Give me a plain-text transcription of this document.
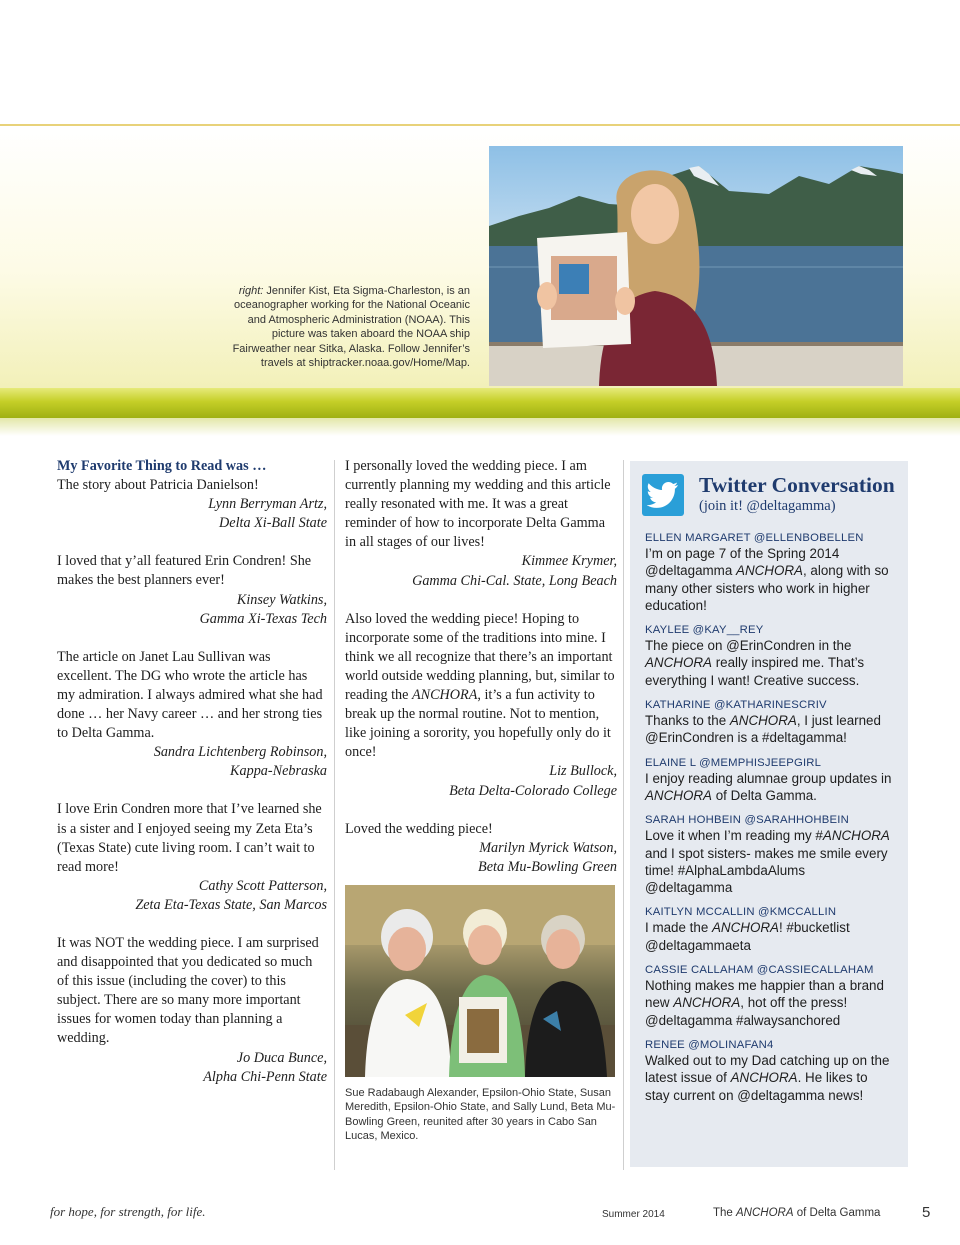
right: Jennifer Kist, Eta Sigma-Charleston, is an oceanographer working for the National Oceanic and Atmospheric Administration (NOAA). This picture was taken aboard the NOAA ship Fairweather near Sitka, Alaska. Follow Jennifer’s travels at shiptracker.noaa.gov/Home/Map.
My Favorite Thing to Read was …
The story about Patricia Danielson!
Lynn Berryman Artz,
Delta Xi-Ball State
I loved that y’all featured Erin Condren! She makes the best planners ever!
Kinsey Watkins,
Gamma Xi-Texas Tech
The article on Janet Lau Sullivan was excellent. The DG who wrote the article has my admiration. I always admired what she had done … her Navy career … and her strong ties to Delta Gamma.
Sandra Lichtenberg Robinson,
Kappa-Nebraska
I love Erin Condren more that I’ve learned she is a sister and I enjoyed seeing my Zeta Eta’s (Texas State) cute living room. I can’t wait to read more!
Cathy Scott Patterson,
Zeta Eta-Texas State, San Marcos
It was NOT the wedding piece. I am surprised and disappointed that you dedicated so much of this issue (including the cover) to this subject. There are so many more important issues for women today than planning a wedding.
Jo Duca Bunce,
Alpha Chi-Penn State
I personally loved the wedding piece. I am currently planning my wedding and this article really resonated with me. It was a great reminder of how to incorporate Delta Gamma in all stages of our lives!
Kimmee Krymer,
Gamma Chi-Cal. State, Long Beach
Also loved the wedding piece! Hoping to incorporate some of the traditions into mine. I think we all recognize that there’s an important world outside wedding planning, but, similar to reading the ANCHORA, it’s a fun activity to break up the normal routine. Not to mention, like joining a sorority, you hopefully only do it once!
Liz Bullock,
Beta Delta-Colorado College
Loved the wedding piece!
Marilyn Myrick Watson,
Beta Mu-Bowling Green
Sue Radabaugh Alexander, Epsilon-Ohio State, Susan Meredith, Epsilon-Ohio State, and Sally Lund, Beta Mu-Bowling Green, reunited after 30 years in Cabo San Lucas, Mexico.
Twitter Conversation
(join it! @deltagamma)
ELLEN MARGARET @ELLENBOBELLEN
I’m on page 7 of the Spring 2014 @deltagamma ANCHORA, along with so many other sisters who work in higher education!
KAYLEE @KAY__REY
The piece on @ErinCondren in the ANCHORA really inspired me. That’s everything I want! Creative success.
KATHARINE @KATHARINESCRIV
Thanks to the ANCHORA, I just learned @ErinCondren is a #deltagamma!
ELAINE L @MEMPHISJEEPGIRL
I enjoy reading alumnae group updates in ANCHORA of Delta Gamma.
SARAH HOHBEIN @SARAHHOHBEIN
Love it when I’m reading my #ANCHORA and I spot sisters- makes me smile every time! #AlphaLambdaAlums @deltagamma
KAITLYN MCCALLIN @KMCCALLIN
I made the ANCHORA! #bucketlist @deltagammaeta
CASSIE CALLAHAM @CASSIECALLAHAM
Nothing makes me happier than a brand new ANCHORA, hot off the press! @deltagamma #alwaysanchored
RENEE @MOLINAFAN4
Walked out to my Dad catching up on the latest issue of ANCHORA. He likes to stay current on @deltagamma news!
for hope, for strength, for life.	Summer 2014	The ANCHORA of Delta Gamma	5
